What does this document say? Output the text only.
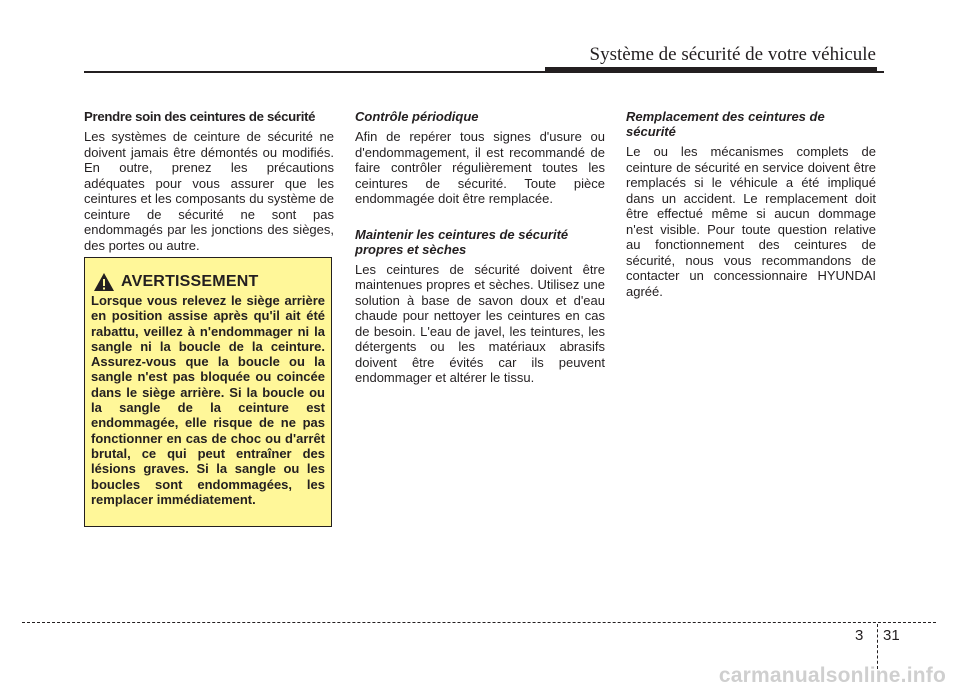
Système de sécurité de votre véhicule

Prendre soin des ceintures de sécurité

Les systèmes de ceinture de sécurité ne doivent jamais être démontés ou modifiés. En outre, prenez les précautions adéquates pour vous assurer que les ceintures et les composants du système de ceinture de sécurité ne sont pas endommagés par les jonctions des sièges, des portes ou autre.

AVERTISSEMENT

Lorsque vous relevez le siège arrière en position assise après qu'il ait été rabattu, veillez à n'endommager ni la sangle ni la boucle de la ceinture. Assurez-vous que la boucle ou la sangle n'est pas bloquée ou coincée dans le siège arrière. Si la boucle ou la sangle de la ceinture est endommagée, elle risque de ne pas fonctionner en cas de choc ou d'arrêt brutal, ce qui peut entraîner des lésions graves. Si la sangle ou les boucles sont endommagées, les remplacer immédiatement.

Contrôle périodique

Afin de repérer tous signes d'usure ou d'endommagement, il est recommandé de faire contrôler régulièrement toutes les ceintures de sécurité. Toute pièce endommagée doit être remplacée.

Maintenir les ceintures de sécurité propres et sèches

Les ceintures de sécurité doivent être maintenues propres et sèches. Utilisez une solution à base de savon doux et d'eau chaude pour nettoyer les ceintures en cas de besoin. L'eau de javel, les teintures, les détergents ou les matériaux abrasifs doivent être évités car ils peuvent endommager et altérer le tissu.

Remplacement des ceintures de sécurité

Le ou les mécanismes complets de ceinture de sécurité en service doivent être remplacés si le véhicule a été impliqué dans un accident. Le remplacement doit être effectué même si aucun dommage n'est visible. Pour toute question relative au fonctionnement des ceintures de sécurité, nous vous recommandons de contacter un concessionnaire HYUNDAI agréé.

3 31
carmanualsonline.info
